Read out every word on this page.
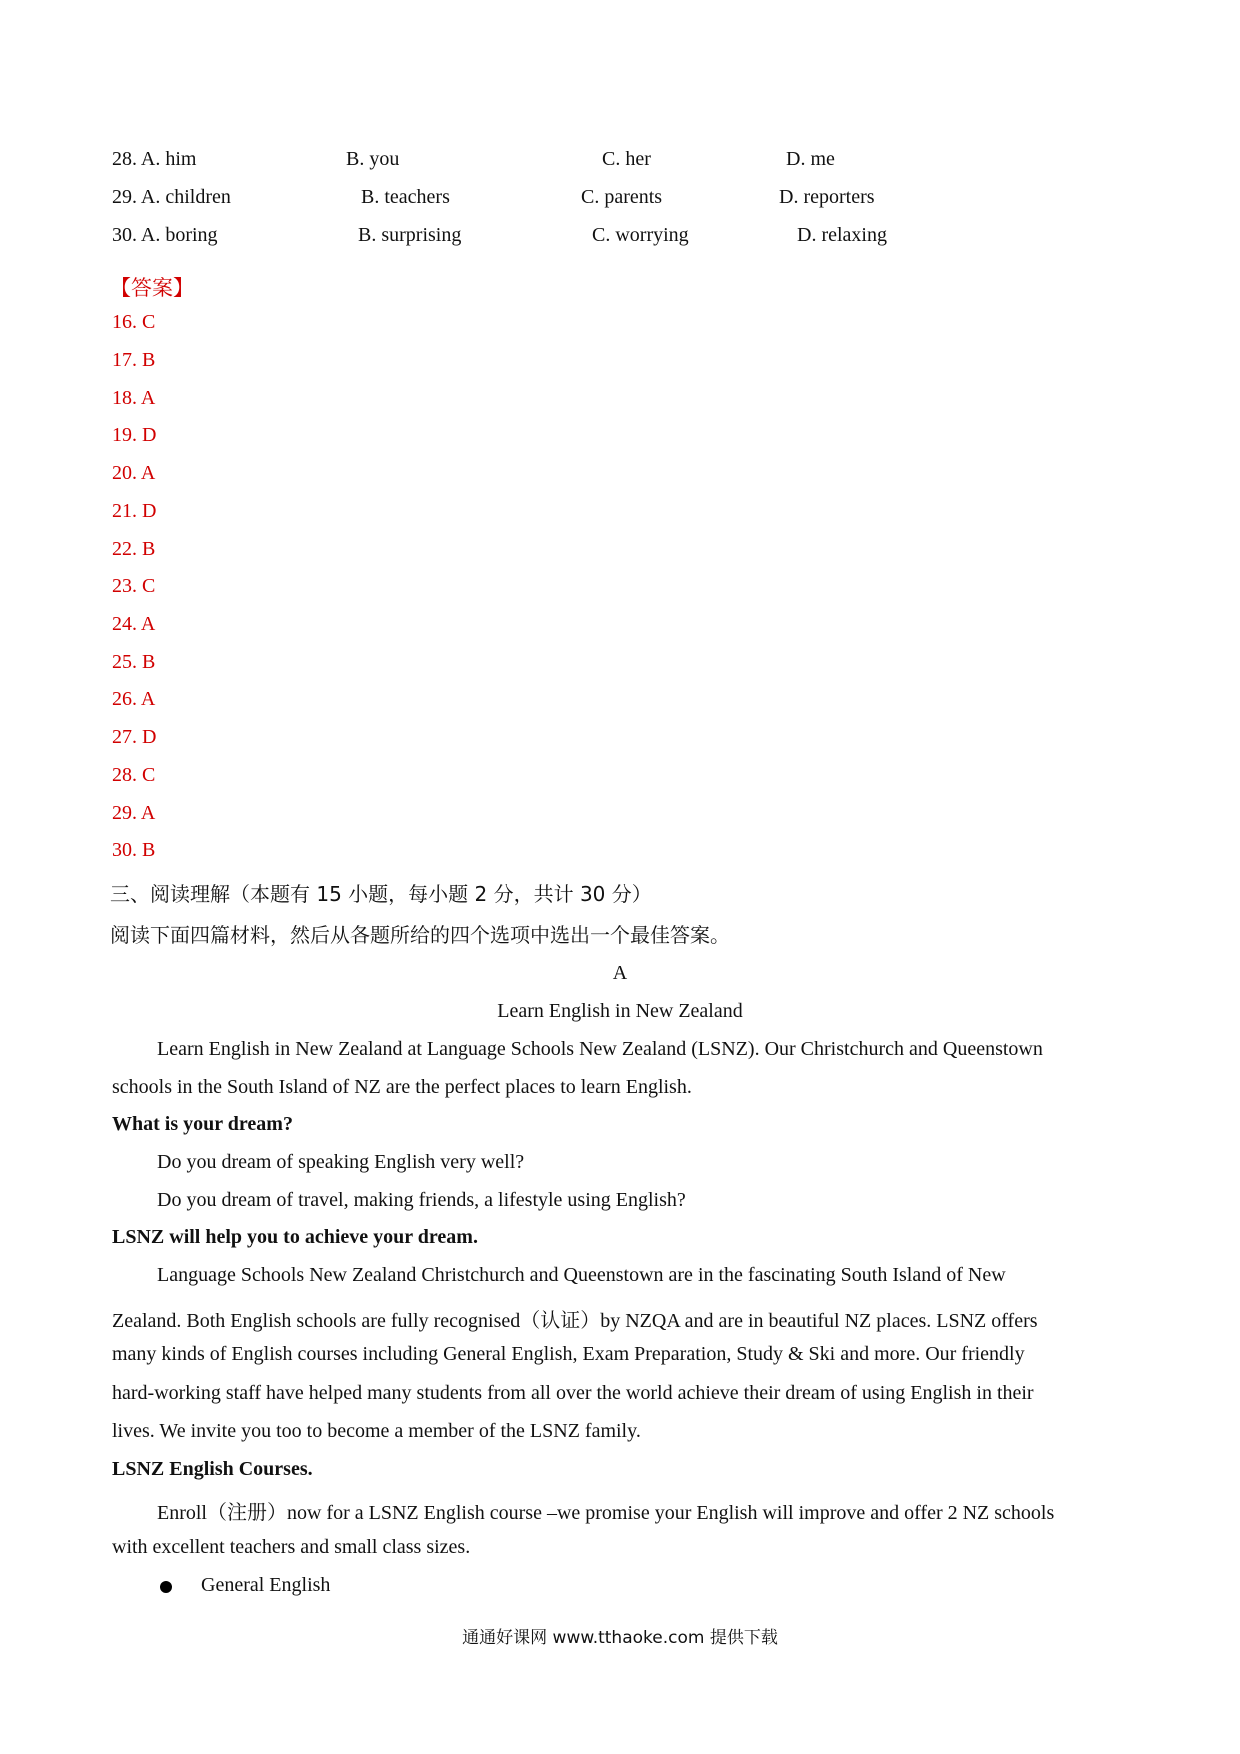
28. A. him	B. you	C. her	D. me
29. A. children	B. teachers	C. parents	D. reporters
30. A. boring	B. surprising	C. worrying	D. relaxing
【答案】
16. C
17. B
18. A
19. D
20. A
21. D
22. B
23. C
24. A
25. B
26. A
27. D
28. C
29. A
30. B
三、阅读理解（本题有 15 小题，每小题 2 分，共计 30 分）
阅读下面四篇材料，然后从各题所给的四个选项中选出一个最佳答案。
A
Learn English in New Zealand
Learn English in New Zealand at Language Schools New Zealand (LSNZ). Our Christchurch and Queenstown
schools in the South Island of NZ are the perfect places to learn English.
What is your dream?
Do you dream of speaking English very well?
Do you dream of travel, making friends, a lifestyle using English?
LSNZ will help you to achieve your dream.
Language Schools New Zealand Christchurch and Queenstown are in the fascinating South Island of New
Zealand. Both English schools are fully recognised（认证）by NZQA and are in beautiful NZ places. LSNZ offers
many kinds of English courses including General English, Exam Preparation, Study & Ski and more. Our friendly
hard-working staff have helped many students from all over the world achieve their dream of using English in their
lives. We invite you too to become a member of the LSNZ family.
LSNZ English Courses.
Enroll（注册）now for a LSNZ English course –we promise your English will improve and offer 2 NZ schools
with excellent teachers and small class sizes.
General English
通通好课网 www.tthaoke.com 提供下载
